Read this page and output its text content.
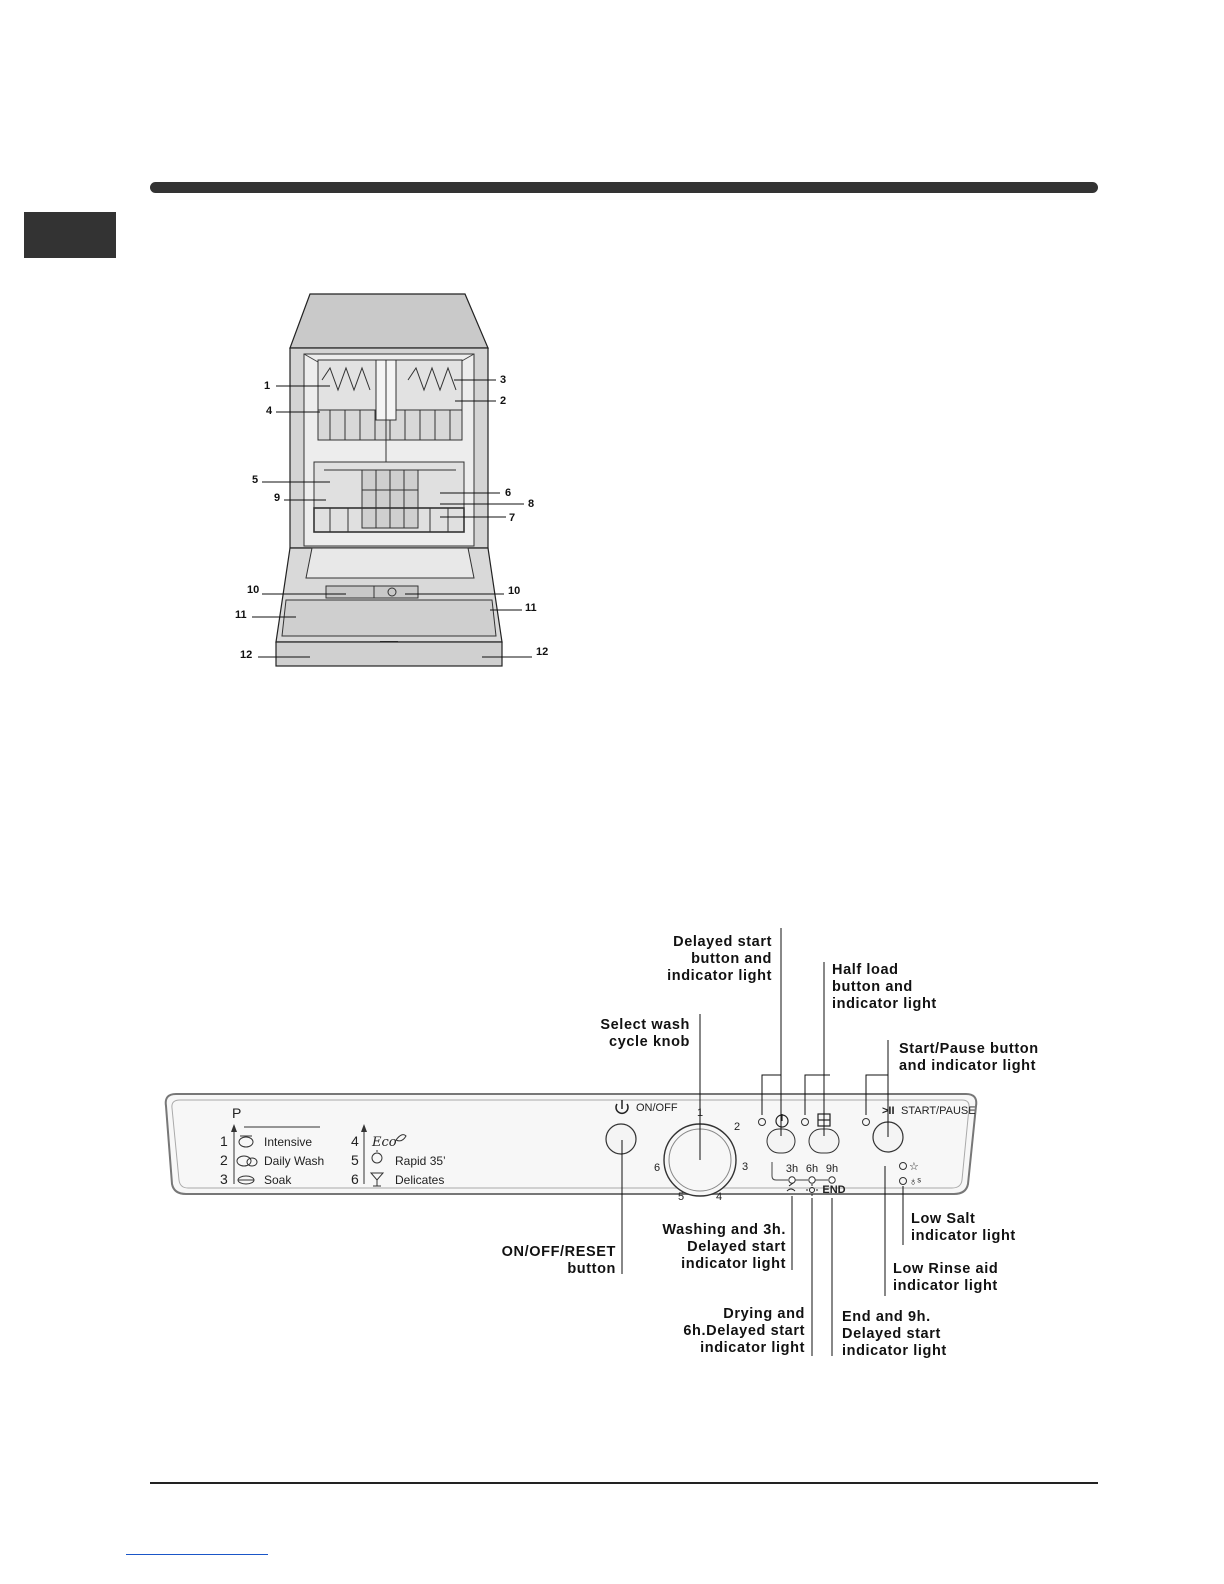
1
2
3
4
5
6
7
8
9
10	10
11
11
12	12
P
1	Intensive
2	Daily Wash
3	Soak
4 Eco
5	Rapid 35’
6	Delicates
ON/OFF 1
2
3
4
5
6
>II START/PAUSE
3h 6h 9h
END
☆
♁ˢ
Delayed start
button and
indicator light	Half load
button and
indicator light
Select wash
cycle knob	Start/Pause button
and indicator light
ON/OFF/RESET
button
Washing and 3h.
Delayed start
indicator light
Drying and
6h.Delayed start
indicator light
End and 9h.
Delayed start
indicator light
Low Salt
indicator light
Low Rinse aid
indicator light
